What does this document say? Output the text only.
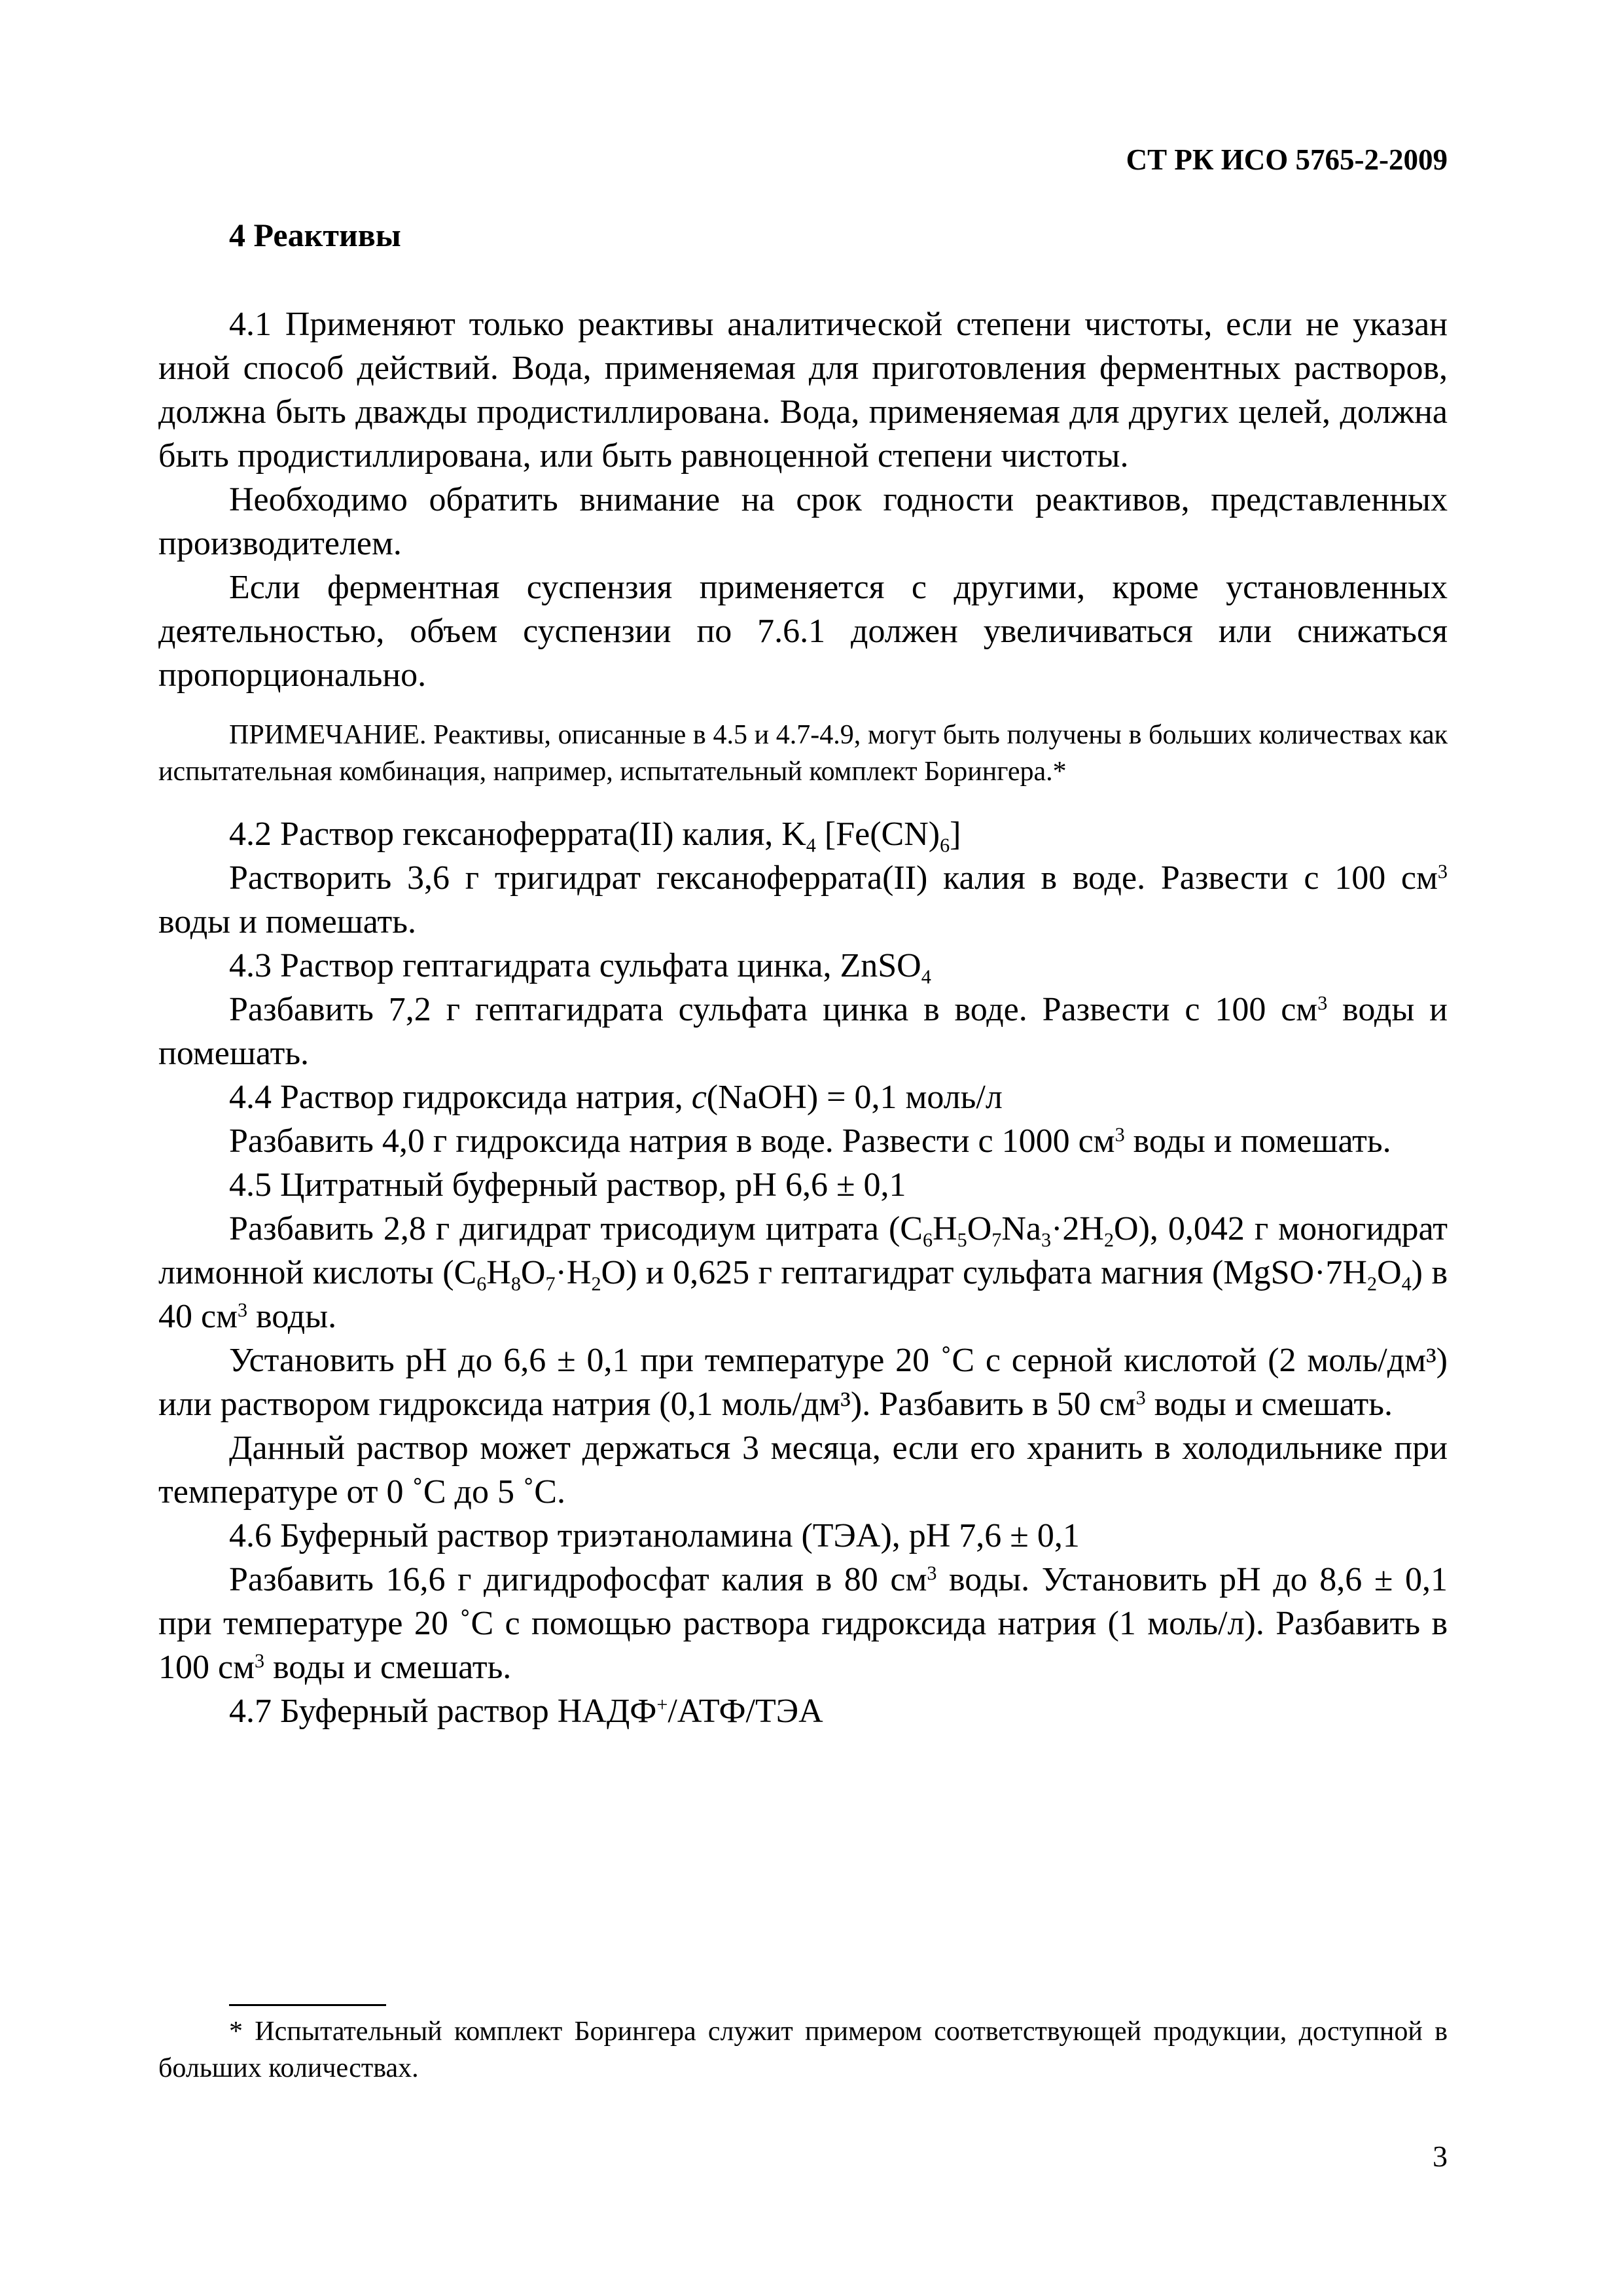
СТ РК ИСО 5765-2-2009

4 Реактивы

4.1 Применяют только реактивы аналитической степени чистоты, если не указан иной способ действий. Вода, применяемая для приготовления ферментных растворов, должна быть дважды продистиллирована. Вода, применяемая для других целей, должна быть продистиллирована, или быть равноценной степени чистоты.

Необходимо обратить внимание на срок годности реактивов, представленных производителем.

Если ферментная суспензия применяется с другими, кроме установленных деятельностью, объем суспензии по 7.6.1 должен увеличиваться или снижаться пропорционально.

ПРИМЕЧАНИЕ. Реактивы, описанные в 4.5 и 4.7-4.9, могут быть получены в больших количествах как испытательная комбинация, например, испытательный комплект Борингера.*

4.2 Раствор гексаноферрата(II) калия, $K_4$ $[Fe(CN)_6]$

Растворить 3,6 г тригидрат гексаноферрата(II) калия в воде. Развести с 100 $см^3$ воды и помешать.

4.3 Раствор гептагидрата сульфата цинка, ZnSO$_4$

Разбавить 7,2 г гептагидрата сульфата цинка в воде. Развести с 100 $см^3$ воды и помешать.

4.4 Раствор гидроксида натрия, c(NaOH) = 0,1 моль/л

Разбавить 4,0 г гидроксида натрия в воде. Развести с 1000 $см^3$ воды и помешать.

4.5 Цитратный буферный раствор, pH 6,6 ± 0,1

Разбавить 2,8 г дигидрат трисодиум цитрата $(C_6H_5O_7Na_3\cdot 2H_2O)$, 0,042 г моногидрат лимонной кислоты $(C_6H_8O_7\cdot H_2O)$ и 0,625 г гептагидрат сульфата магния $(MgSO\cdot 7H_2O_4)$ в 40 $см^3$ воды.

Установить pH до 6,6 ± 0,1 при температуре 20 ˚C с серной кислотой (2 моль/дм³) или раствором гидроксида натрия (0,1 моль/дм³). Разбавить в 50 $см^3$ воды и смешать.

Данный раствор может держаться 3 месяца, если его хранить в холодильнике при температуре от 0 ˚C до 5 ˚C.

4.6 Буферный раствор триэтаноламина (ТЭА), pH 7,6 ± 0,1

Разбавить 16,6 г дигидрофосфат калия в 80 $см^3$ воды. Установить pH до 8,6 ± 0,1 при температуре 20 ˚C с помощью раствора гидроксида натрия (1 моль/л). Разбавить в 100 $см^3$ воды и смешать.

4.7 Буферный раствор НАДФ+/АТФ/ТЭА

* Испытательный комплект Борингера служит примером соответствующей продукции, доступной в больших количествах.

3
